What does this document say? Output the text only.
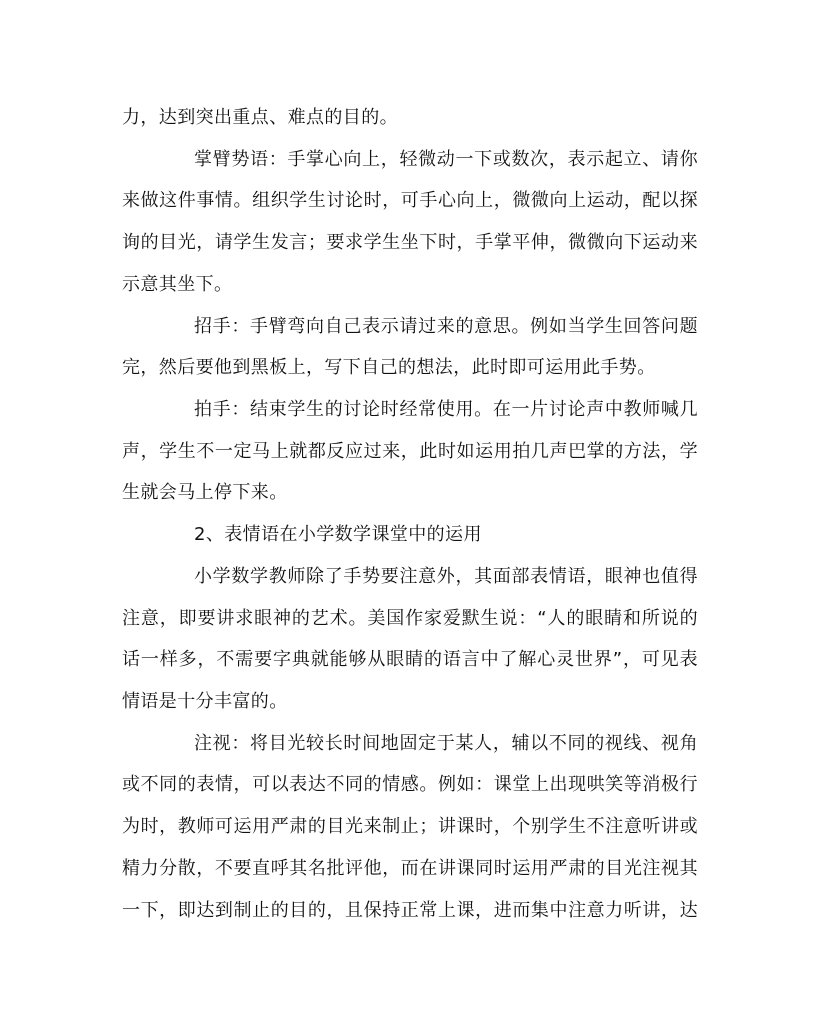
力，达到突出重点、难点的目的。
掌臂势语：手掌心向上，轻微动一下或数次，表示起立、请你
来做这件事情。组织学生讨论时，可手心向上，微微向上运动，配以探
询的目光，请学生发言；要求学生坐下时，手掌平伸，微微向下运动来
示意其坐下。
招手：手臂弯向自己表示请过来的意思。例如当学生回答问题
完，然后要他到黑板上，写下自己的想法，此时即可运用此手势。
拍手：结束学生的讨论时经常使用。在一片讨论声中教师喊几
声，学生不一定马上就都反应过来，此时如运用拍几声巴掌的方法，学
生就会马上停下来。
2、表情语在小学数学课堂中的运用
小学数学教师除了手势要注意外，其面部表情语，眼神也值得
注意，即要讲求眼神的艺术。美国作家爱默生说：“人的眼睛和所说的
话一样多，不需要字典就能够从眼睛的语言中了解心灵世界”，可见表
情语是十分丰富的。
注视：将目光较长时间地固定于某人，辅以不同的视线、视角
或不同的表情，可以表达不同的情感。例如：课堂上出现哄笑等消极行
为时，教师可运用严肃的目光来制止；讲课时，个别学生不注意听讲或
精力分散，不要直呼其名批评他，而在讲课同时运用严肃的目光注视其
一下，即达到制止的目的，且保持正常上课，进而集中注意力听讲，达
